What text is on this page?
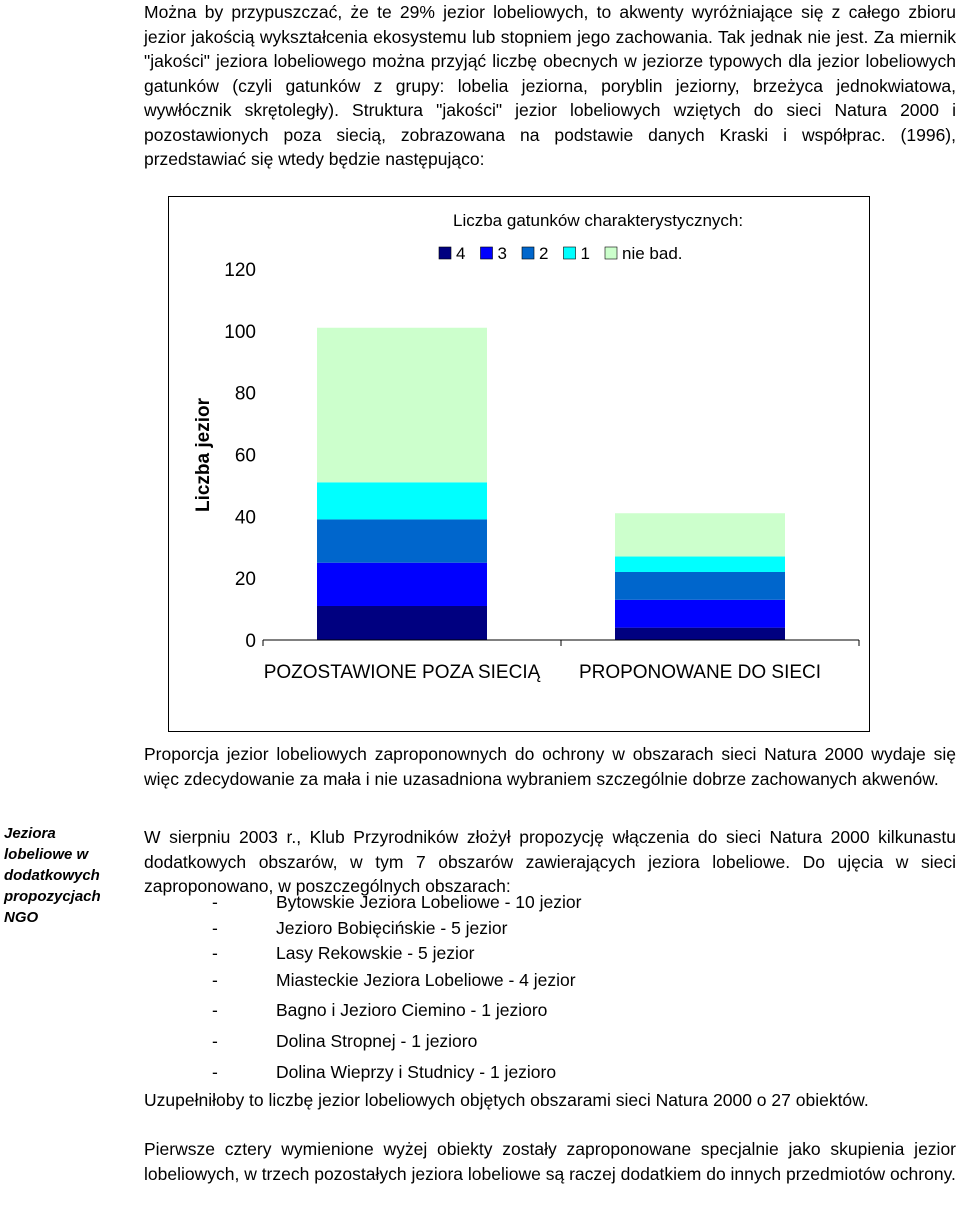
Można by przypuszczać, że te 29% jezior lobeliowych, to akwenty wyróżniające się z całego zbioru jezior jakością wykształcenia ekosystemu lub stopniem jego zachowania. Tak jednak nie jest. Za miernik "jakości" jeziora lobeliowego można przyjąć liczbę obecnych w jeziorze typowych dla jezior lobeliowych gatunków (czyli gatunków z grupy: lobelia jeziorna, poryblin jeziorny, brzeżyca jednokwiatowa, wywłócznik skrętoległy). Struktura "jakości" jezior lobeliowych wziętych do sieci Natura 2000 i pozostawionych poza siecią, zobrazowana na podstawie danych Kraski i współprac. (1996), przedstawiać się wtedy będzie następująco:

0
20
40
60
80
100
120
Liczba jezior
POZOSTAWIONE POZA SIECIĄ PROPONOWANE DO SIECI
Liczba gatunków charakterystycznych:
4 3 2 1 nie bad.

Proporcja jezior lobeliowych zaproponownych do ochrony w obszarach sieci Natura 2000 wydaje się więc zdecydowanie za mała i nie uzasadniona wybraniem szczególnie dobrze zachowanych akwenów.

Jeziora lobeliowe w dodatkowych propozycjach NGO

W sierpniu 2003 r., Klub Przyrodników złożył propozycję włączenia do sieci Natura 2000 kilkunastu dodatkowych obszarów, w tym 7 obszarów zawierających jeziora lobeliowe. Do ujęcia w sieci zaproponowano, w poszczególnych obszarach:

-	Bytowskie Jeziora Lobeliowe - 10 jezior
-	Jezioro Bobięcińskie - 5 jezior
-	Lasy Rekowskie - 5 jezior
-	Miasteckie Jeziora Lobeliowe - 4 jezior
-	Bagno i Jezioro Ciemino - 1 jezioro
-	Dolina Stropnej - 1 jezioro
-	Dolina Wieprzy i Studnicy - 1 jezioro

Uzupełniłoby to liczbę jezior lobeliowych objętych obszarami sieci Natura 2000 o 27 obiektów.

Pierwsze cztery wymienione wyżej obiekty zostały zaproponowane specjalnie jako skupienia jezior lobeliowych, w trzech pozostałych jeziora lobeliowe są raczej dodatkiem do innych przedmiotów ochrony.
